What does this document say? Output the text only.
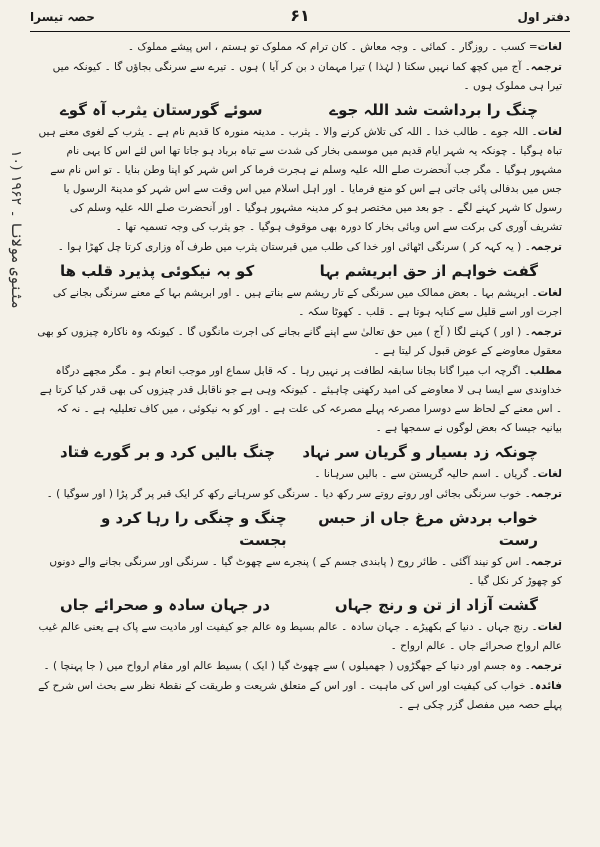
دفتر اول
۶۱
حصہ تیسرا
۱۰) مثنوی مولانا ۔ ۱۹۶۲

لغات= کسب ۔ روزگار ۔ کمائی ۔ وجہ معاش ۔ کان ترام کہ مملوک تو ہستم ، اس پیشے مملوک ۔

ترجمہ۔ آج میں کچھ کما نہیں سکتا ( لہٰذا ) تیرا مہمان د بن کر آیا ) ہوں ۔ تیرے سے سرنگی بجاؤں گا ۔ کیونکہ میں تیرا ہی مملوک ہوں ۔

چنگ را برداشت شد اللہ جوے
سوئے گورستان یثرب آہ گوے

لغات۔ اللہ جوے ۔ طالب خدا ۔ اللہ کی تلاش کرنے والا ۔ یثرب ۔ مدینہ منورہ کا قدیم نام ہے ۔ یثرب کے لغوی معنے ہیں تباہ ہوگیا ۔ چونکہ یہ شہر ایام قدیم میں موسمی بخار کی شدت سے تباہ برباد ہو جاتا تھا اس لئے اس کا یہی نام مشہور ہوگیا ۔ مگر جب آنحضرت صلے اللہ علیہ وسلم نے ہجرت فرما کر اس شہر کو اپنا وطن بنایا ۔ تو اس نام سے جس میں بدفالی پائی جاتی ہے اس کو منع فرمایا ۔ اور اہل اسلام میں اس وقت سے اس شہر کو مدینۃ الرسول یا رسول کا شہر کہنے لگے ۔ جو بعد میں مختصر ہو کر مدینہ مشہور ہوگیا ۔ اور آنحضرت صلے اللہ علیہ وسلم کی تشریف آوری کی برکت سے اس وبائی بخار کا دورہ بھی موقوف ہوگیا ۔ جو یثرب کی وجہ تسمیہ تھا ۔

ترجمہ۔ ( یہ کہہ کر ) سرنگی اٹھائی اور خدا کی طلب میں قبرستان یثرب میں طرف آہ وزاری کرتا چل کھڑا ہوا ۔

گفت خواہم از حق ابریشم بہا
کو بہ نیکوئی پذیرد قلب ھا

لغات۔ ابریشم بہا ۔ بعض ممالک میں سرنگی کے تار ریشم سے بناتے ہیں ۔ اور ابریشم بہا کے معنے سرنگی بجانے کی اجرت اور اسے قلیل سے کنایہ ہوتا ہے ۔ قلب ۔ کھوٹا سکہ ۔

ترجمہ۔ ( اور ) کہنے لگا ( آج ) میں حق تعالیٰ سے اپنے گانے بجانے کی اجرت مانگوں گا ۔ کیونکہ وہ ناکارہ چیزوں کو بھی معقول معاوضے کے عوض قبول کر لیتا ہے ۔

مطلب۔ اگرچہ اب میرا گانا بجانا سابقہ لطافت پر نہیں رہا ۔ کہ قابل سماع اور موجب انعام ہو ۔ مگر مجھے درگاہ خداوندی سے ایسا ہی لا معاوضے کی امید رکھنی چاہیئے ۔ کیونکہ وہی ہے جو ناقابل قدر چیزوں کی بھی قدر کیا کرتا ہے ۔ اس معنے کے لحاظ سے دوسرا مصرعہ پہلے مصرعہ کی علت ہے ۔ اور کو بہ نیکوئی ، میں کاف تعلیلیہ ہے ۔ نہ کہ بیانیہ جیسا کہ بعض لوگوں نے سمجھا ہے ۔

چونکہ زد بسیار و گریان سر نہاد
چنگ بالیں کرد و بر گورے فتاد

لغات۔ گریاں ۔ اسم حالیہ گریستن سے ۔ بالیں سرہانا ۔

ترجمہ۔ خوب سرنگی بجائی اور روتے روتے سر رکھ دیا ۔ سرنگی کو سرہانے رکھ کر ایک قبر پر گر پڑا ( اور سوگیا ) ۔

خواب بردش مرغ جاں از حبس رست
چنگ و چنگی را رہا کرد و بجست

ترجمہ۔ اس کو نیند آگئی ۔ طائر روح ( پابندی جسم کے ) پنجرے سے چھوٹ گیا ۔ سرنگی اور سرنگی بجانے والے دونوں کو چھوڑ کر نکل گیا ۔

گشت آزاد از تن و رنج جہاں
در جہان سادہ و صحرائے جاں

لغات۔ رنج جہاں ۔ دنیا کے بکھیڑے ۔ جہان سادہ ۔ عالم بسیط وہ عالم جو کیفیت اور مادیت سے پاک ہے یعنی عالم غیب عالم ارواح صحرائے جاں ۔ عالم ارواح ۔

ترجمہ۔ وہ جسم اور دنیا کے جھگڑوں ( جھمیلوں ) سے چھوٹ گیا ( ایک ) بسیط عالم اور مقام ارواح میں ( جا پہنچا ) ۔

فائدہ۔ خواب کی کیفیت اور اس کی ماہیت ۔ اور اس کے متعلق شریعت و طریقت کے نقطۂ نظر سے بحث اس شرح کے پہلے حصہ میں مفصل گزر چکی ہے ۔
